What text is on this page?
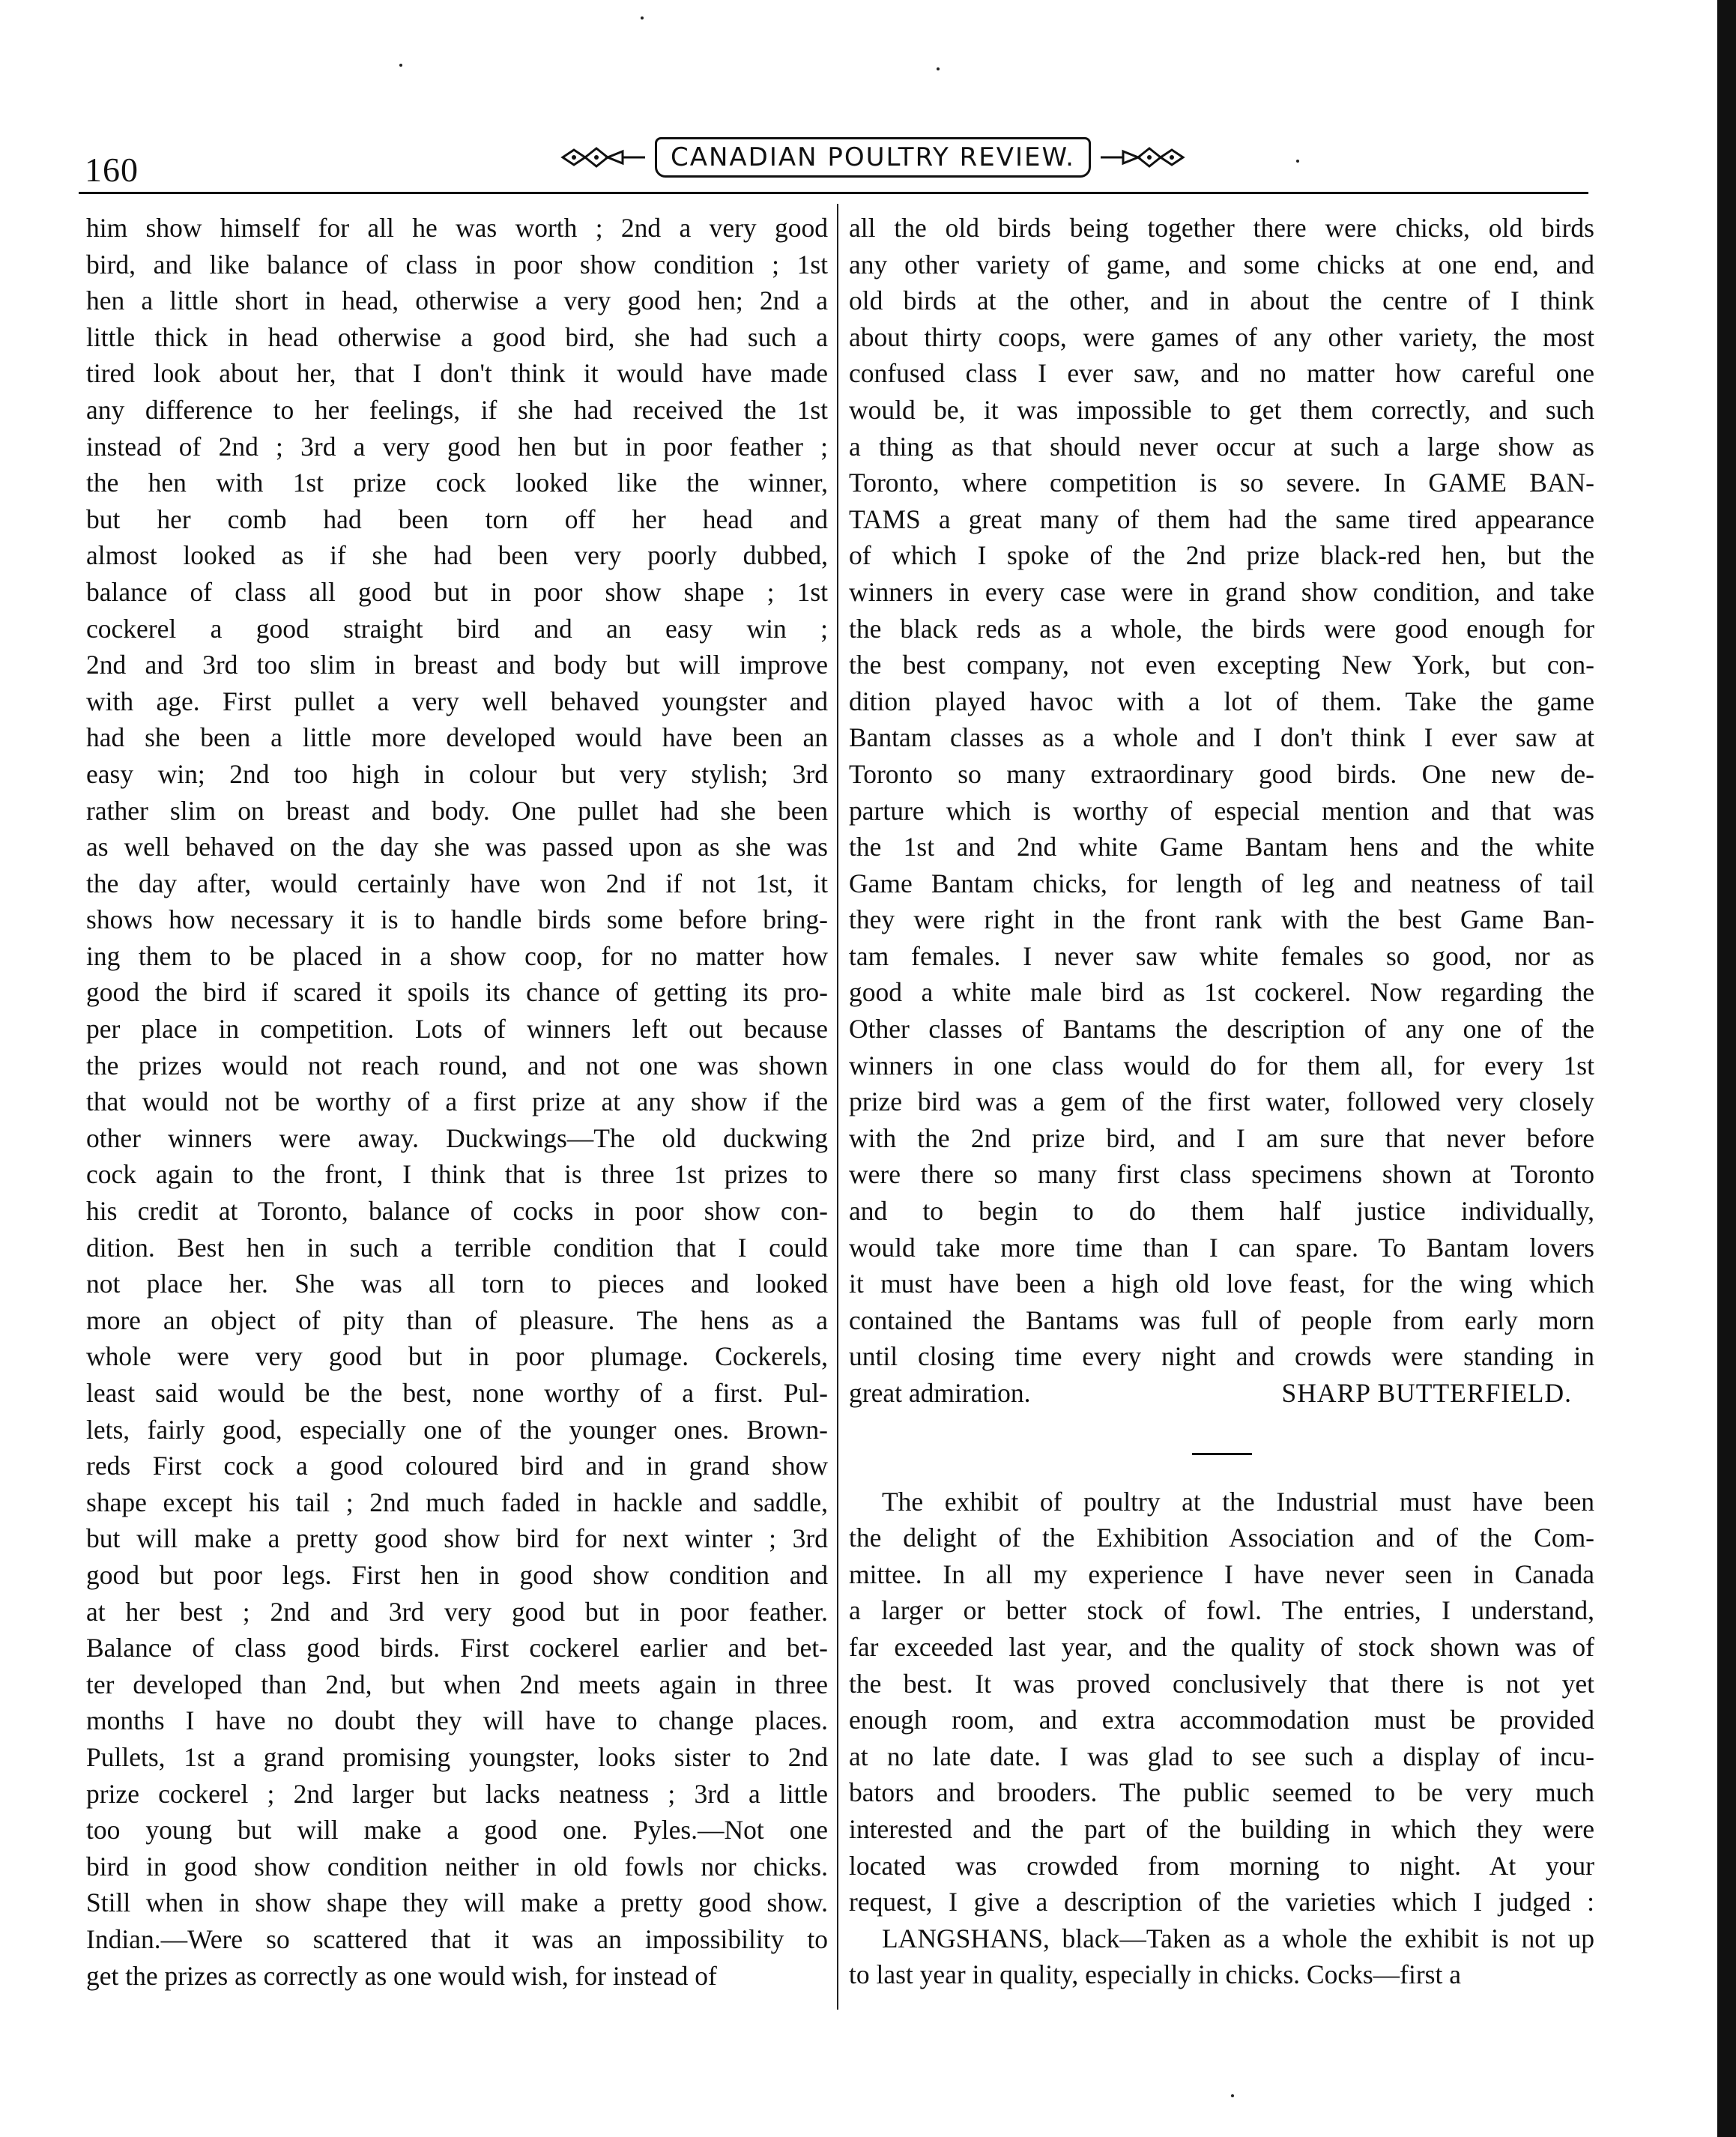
160	CANADIAN POULTRY REVIEW.
him show himself for all he was worth ; 2nd a very good
bird, and like balance of class in poor show condition ; 1st
hen a little short in head, otherwise a very good hen; 2nd a
little thick in head otherwise a good bird, she had such a
tired look about her, that I don't think it would have made
any difference to her feelings, if she had received the 1st
instead of 2nd ; 3rd a very good hen but in poor feather ;
the hen with 1st prize cock looked like the winner,
but her comb had been torn off her head and
almost looked as if she had been very poorly dubbed,
balance of class all good but in poor show shape ; 1st
cockerel a good straight bird and an easy win ;
2nd and 3rd too slim in breast and body but will improve
with age. First pullet a very well behaved youngster and
had she been a little more developed would have been an
easy win; 2nd too high in colour but very stylish; 3rd
rather slim on breast and body. One pullet had she been
as well behaved on the day she was passed upon as she was
the day after, would certainly have won 2nd if not 1st, it
shows how necessary it is to handle birds some before bring-
ing them to be placed in a show coop, for no matter how
good the bird if scared it spoils its chance of getting its pro-
per place in competition. Lots of winners left out because
the prizes would not reach round, and not one was shown
that would not be worthy of a first prize at any show if the
other winners were away. Duckwings—The old duckwing
cock again to the front, I think that is three 1st prizes to
his credit at Toronto, balance of cocks in poor show con-
dition. Best hen in such a terrible condition that I could
not place her. She was all torn to pieces and looked
more an object of pity than of pleasure. The hens as a
whole were very good but in poor plumage. Cockerels,
least said would be the best, none worthy of a first. Pul-
lets, fairly good, especially one of the younger ones. Brown-
reds First cock a good coloured bird and in grand show
shape except his tail ; 2nd much faded in hackle and saddle,
but will make a pretty good show bird for next winter ; 3rd
good but poor legs. First hen in good show condition and
at her best ; 2nd and 3rd very good but in poor feather.
Balance of class good birds. First cockerel earlier and bet-
ter developed than 2nd, but when 2nd meets again in three
months I have no doubt they will have to change places.
Pullets, 1st a grand promising youngster, looks sister to 2nd
prize cockerel ; 2nd larger but lacks neatness ; 3rd a little
too young but will make a good one. Pyles.—Not one
bird in good show condition neither in old fowls nor chicks.
Still when in show shape they will make a pretty good show.
Indian.—Were so scattered that it was an impossibility to
get the prizes as correctly as one would wish, for instead of
all the old birds being together there were chicks, old birds
any other variety of game, and some chicks at one end, and
old birds at the other, and in about the centre of I think
about thirty coops, were games of any other variety, the most
confused class I ever saw, and no matter how careful one
would be, it was impossible to get them correctly, and such
a thing as that should never occur at such a large show as
Toronto, where competition is so severe. In GAME BAN-
TAMS a great many of them had the same tired appearance
of which I spoke of the 2nd prize black-red hen, but the
winners in every case were in grand show condition, and take
the black reds as a whole, the birds were good enough for
the best company, not even excepting New York, but con-
dition played havoc with a lot of them. Take the game
Bantam classes as a whole and I don't think I ever saw at
Toronto so many extraordinary good birds. One new de-
parture which is worthy of especial mention and that was
the 1st and 2nd white Game Bantam hens and the white
Game Bantam chicks, for length of leg and neatness of tail
they were right in the front rank with the best Game Ban-
tam females. I never saw white females so good, nor as
good a white male bird as 1st cockerel. Now regarding the
Other classes of Bantams the description of any one of the
winners in one class would do for them all, for every 1st
prize bird was a gem of the first water, followed very closely
with the 2nd prize bird, and I am sure that never before
were there so many first class specimens shown at Toronto
and to begin to do them half justice individually,
would take more time than I can spare. To Bantam lovers
it must have been a high old love feast, for the wing which
contained the Bantams was full of people from early morn
until closing time every night and crowds were standing in
great admiration.	SHARP BUTTERFIELD.
The exhibit of poultry at the Industrial must have been
the delight of the Exhibition Association and of the Com-
mittee. In all my experience I have never seen in Canada
a larger or better stock of fowl. The entries, I understand,
far exceeded last year, and the quality of stock shown was of
the best. It was proved conclusively that there is not yet
enough room, and extra accommodation must be provided
at no late date. I was glad to see such a display of incu-
bators and brooders. The public seemed to be very much
interested and the part of the building in which they were
located was crowded from morning to night. At your
request, I give a description of the varieties which I judged :
LANGSHANS, black—Taken as a whole the exhibit is not up
to last year in quality, especially in chicks. Cocks—first a
